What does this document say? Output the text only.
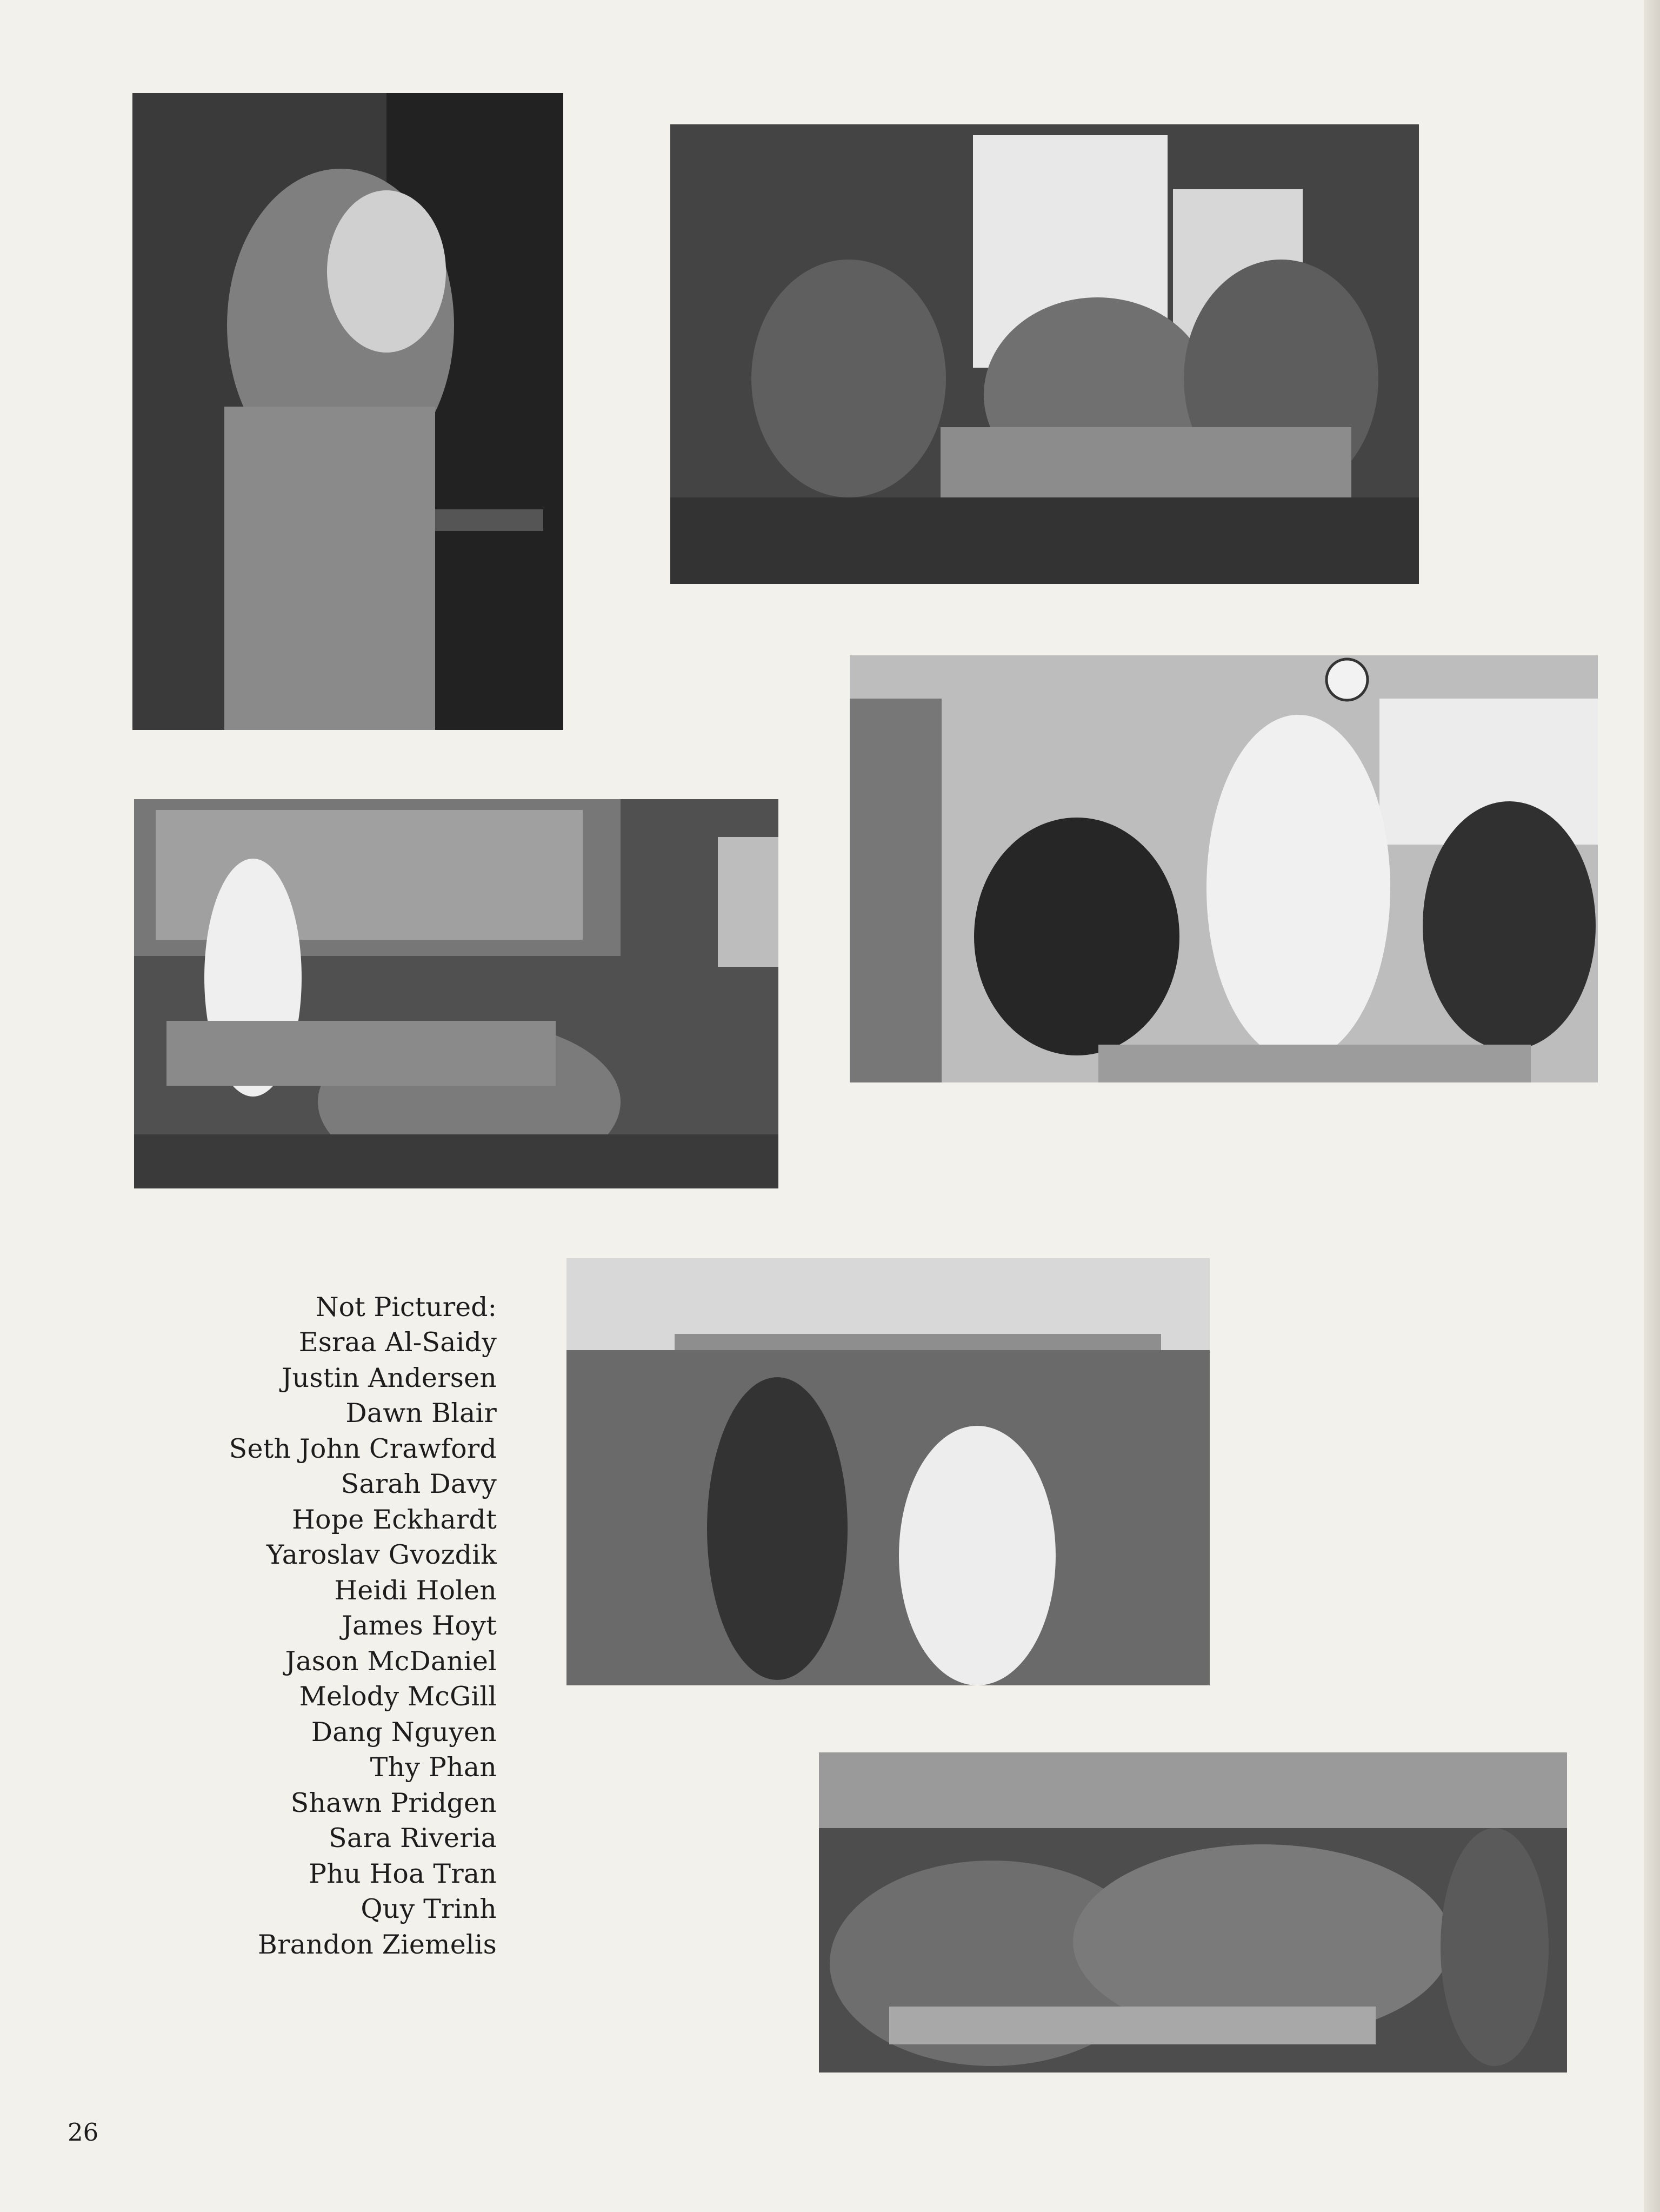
Not Pictured:
Esraa Al-Saidy
Justin Andersen
Dawn Blair
Seth John Crawford
Sarah Davy
Hope Eckhardt
Yaroslav Gvozdik
Heidi Holen
James Hoyt
Jason McDaniel
Melody McGill
Dang Nguyen
Thy Phan
Shawn Pridgen
Sara Riveria
Phu Hoa Tran
Quy Trinh
Brandon Ziemelis
26
